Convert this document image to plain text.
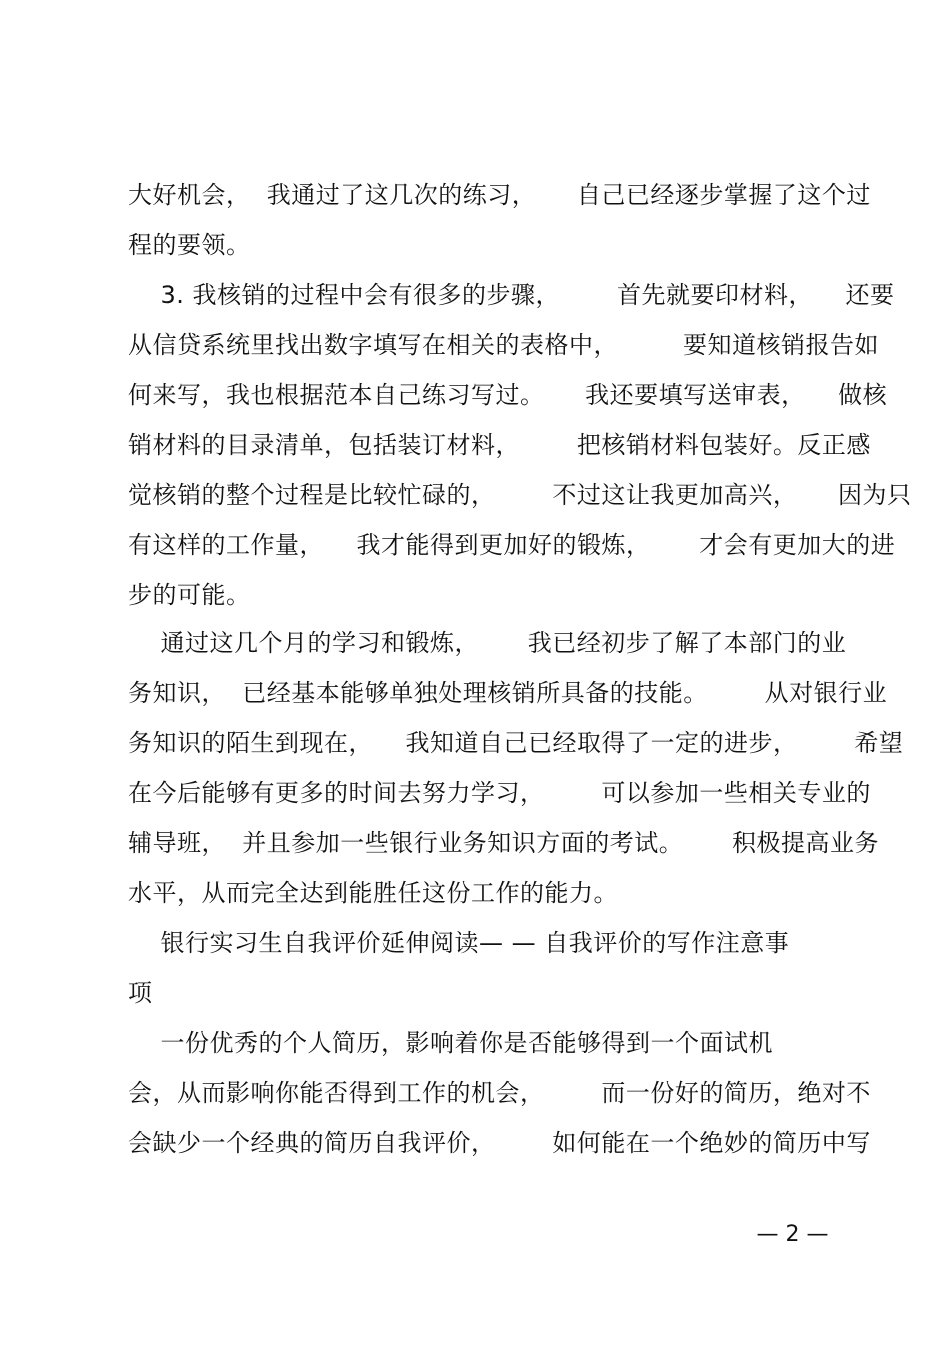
大好机会，  我通过了这几次的练习，     自己已经逐步掌握了这个过
程的要领。
3. 我核销的过程中会有很多的步骤，       首先就要印材料，    还要
从信贷系统里找出数字填写在相关的表格中，        要知道核销报告如
何来写，我也根据范本自己练习写过。     我还要填写送审表，    做核
销材料的目录清单，包括装订材料，       把核销材料包装好。反正感
觉核销的整个过程是比较忙碌的，       不过这让我更加高兴，     因为只
有这样的工作量，    我才能得到更加好的锻炼，      才会有更加大的进
步的可能。
通过这几个月的学习和锻炼，      我已经初步了解了本部门的业
务知识，  已经基本能够单独处理核销所具备的技能。       从对银行业
务知识的陌生到现在，    我知道自己已经取得了一定的进步，       希望
在今后能够有更多的时间去努力学习，       可以参加一些相关专业的
辅导班，  并且参加一些银行业务知识方面的考试。      积极提高业务
水平，从而完全达到能胜任这份工作的能力。
银行实习生自我评价延伸阅读— — 自我评价的写作注意事
项
一份优秀的个人简历，影响着你是否能够得到一个面试机
会，从而影响你能否得到工作的机会，       而一份好的简历，绝对不
会缺少一个经典的简历自我评价，       如何能在一个绝妙的简历中写
— 2 —
